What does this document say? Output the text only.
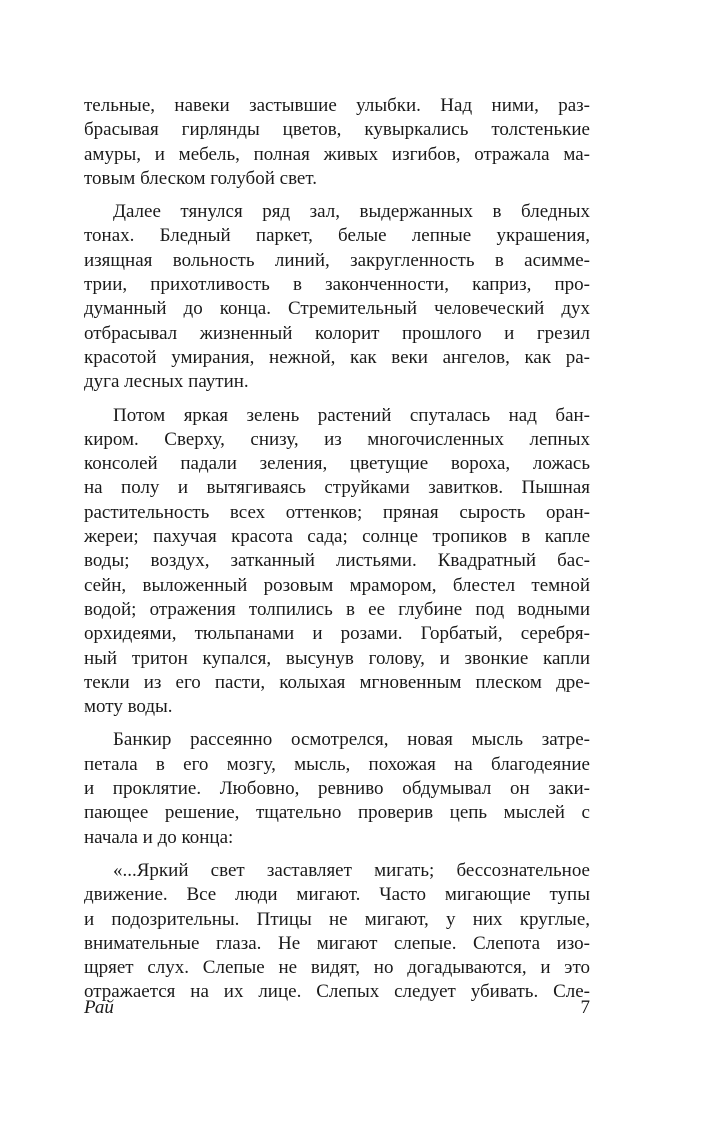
тельные, навеки застывшие улыбки. Над ними, раз-
брасывая гирлянды цветов, кувыркались толстенькие
амуры, и мебель, полная живых изгибов, отражала ма-
товым блеском голубой свет.
Далее тянулся ряд зал, выдержанных в бледных
тонах. Бледный паркет, белые лепные украшения,
изящная вольность линий, закругленность в асимме-
трии, прихотливость в законченности, каприз, про-
думанный до конца. Стремительный человеческий дух
отбрасывал жизненный колорит прошлого и грезил
красотой умирания, нежной, как веки ангелов, как ра-
дуга лесных паутин.
Потом яркая зелень растений спуталась над бан-
киром. Сверху, снизу, из многочисленных лепных
консолей падали зеления, цветущие вороха, ложась
на полу и вытягиваясь струйками завитков. Пышная
растительность всех оттенков; пряная сырость оран-
жереи; пахучая красота сада; солнце тропиков в капле
воды; воздух, затканный листьями. Квадратный бас-
сейн, выложенный розовым мрамором, блестел темной
водой; отражения толпились в ее глубине под водными
орхидеями, тюльпанами и розами. Горбатый, серебря-
ный тритон купался, высунув голову, и звонкие капли
текли из его пасти, колыхая мгновенным плеском дре-
моту воды.
Банкир рассеянно осмотрелся, новая мысль затре-
петала в его мозгу, мысль, похожая на благодеяние
и проклятие. Любовно, ревниво обдумывал он заки-
пающее решение, тщательно проверив цепь мыслей с
начала и до конца:
«...Яркий свет заставляет мигать; бессознательное
движение. Все люди мигают. Часто мигающие тупы
и подозрительны. Птицы не мигают, у них круглые,
внимательные глаза. Не мигают слепые. Слепота изо-
щряет слух. Слепые не видят, но догадываются, и это
отражается на их лице. Слепых следует убивать. Сле-
Рай	7
